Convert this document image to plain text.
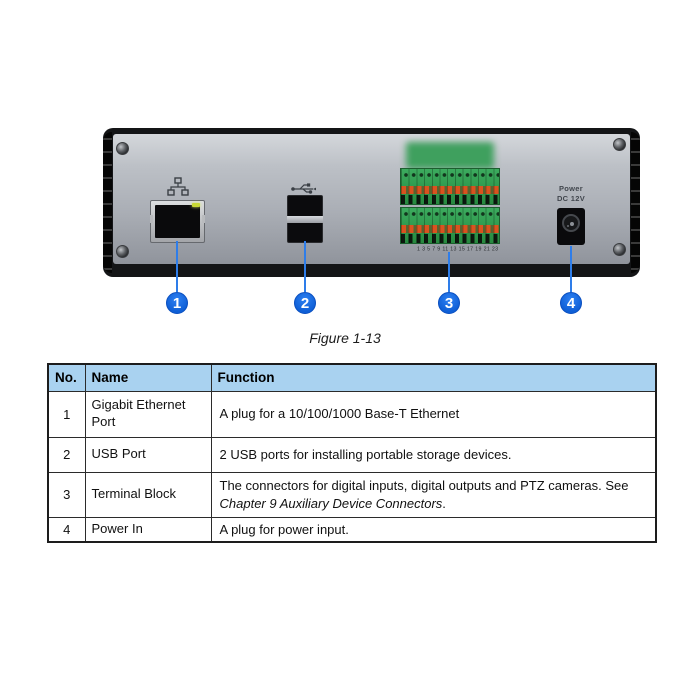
1 3 5 7 9 11 13 15 17 19 21 23
Power
DC 12V
1	2	3	4
Figure 1-13
No.	Name	Function
1	Gigabit Ethernet Port	A plug for a 10/100/1000 Base-T Ethernet
2	USB Port	2 USB ports for installing portable storage devices.
3	Terminal Block	The connectors for digital inputs, digital outputs and PTZ cameras. See Chapter 9 Auxiliary Device Connectors.
4	Power In	A plug for power input.
